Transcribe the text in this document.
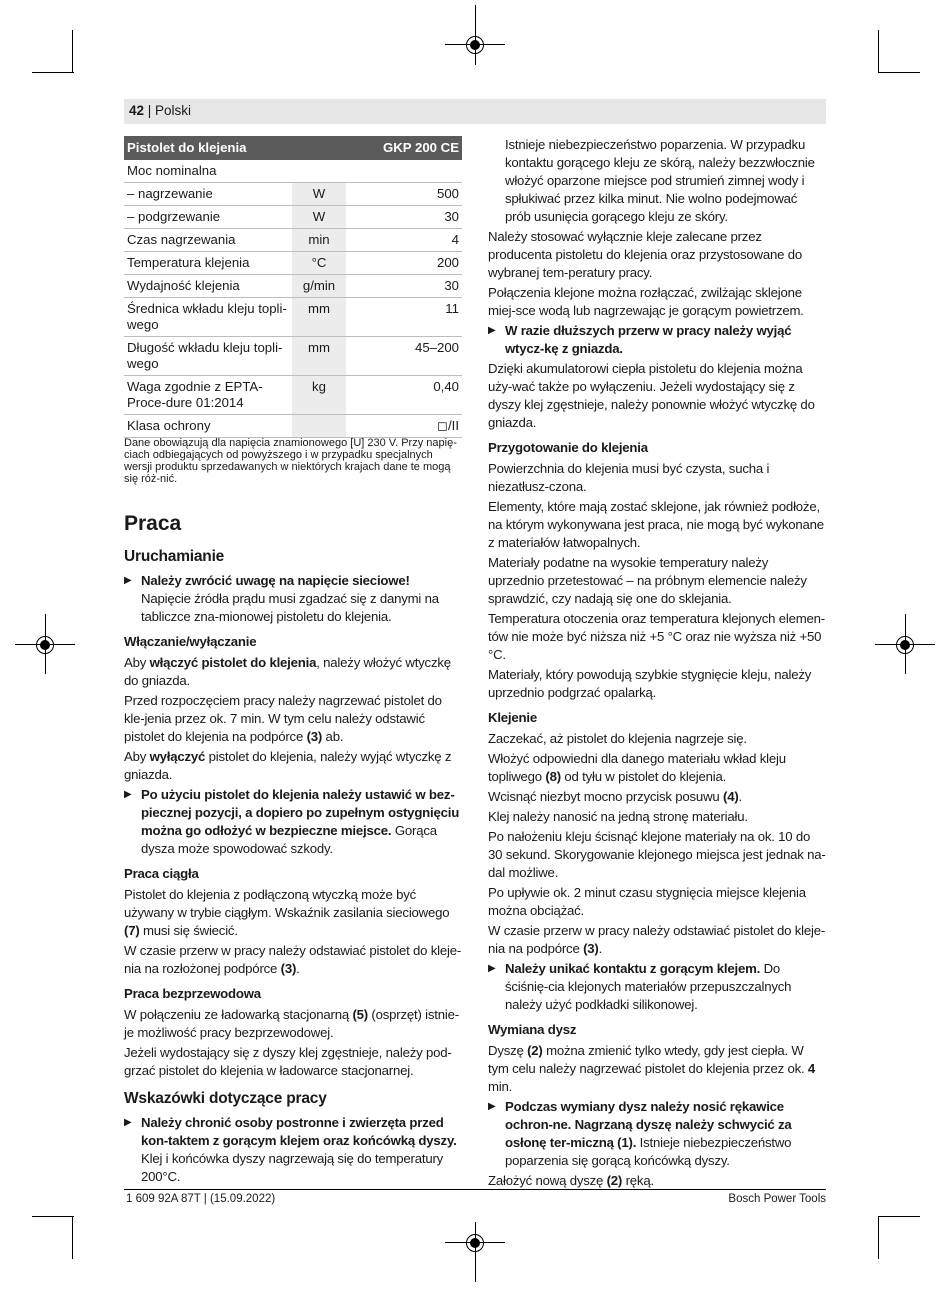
42 | Polski
Pistolet do klejenia	GKP 200 CE	
Moc nominalna		
– nagrzewanie	W	500
– podgrzewanie	W	30
Czas nagrzewania	min	4
Temperatura klejenia	°C	200
Wydajność klejenia	g/min	30
Średnica wkładu kleju topli-wego	mm	11
Długość wkładu kleju topli-wego	mm	45–200
Waga zgodnie z EPTA-Proce-dure 01:2014	kg	0,40
Klasa ochrony		◻/II
Dane obowiązują dla napięcia znamionowego [U] 230 V. Przy napię-ciach odbiegających od powyższego i w przypadku specjalnych wersji produktu sprzedawanych w niektórych krajach dane te mogą się róż-nić.
Praca
Uruchamianie
▶ Należy zwrócić uwagę na napięcie sieciowe! Napięcie źródła prądu musi zgadzać się z danymi na tabliczce zna-mionowej pistoletu do klejenia.
Włączanie/wyłączanie

Aby włączyć pistolet do klejenia, należy włożyć wtyczkę do gniazda.

Przed rozpoczęciem pracy należy nagrzewać pistolet do kle-jenia przez ok. 7 min. W tym celu należy odstawić pistolet do klejenia na podpórce (3) ab.

Aby wyłączyć pistolet do klejenia, należy wyjąć wtyczkę z gniazda.

▶ Po użyciu pistolet do klejenia należy ustawić w bez-piecznej pozycji, a dopiero po zupełnym ostygnięciu można go odłożyć w bezpieczne miejsce. Gorąca dysza może spowodować szkody.
Praca ciągła

Pistolet do klejenia z podłączoną wtyczką może być używany w trybie ciągłym. Wskaźnik zasilania sieciowego (7) musi się świecić.

W czasie przerw w pracy należy odstawiać pistolet do kleje-nia na rozłożonej podpórce (3).

Praca bezprzewodowa

W połączeniu ze ładowarką stacjonarną (5) (osprzęt) istnie-je możliwość pracy bezprzewodowej.

Jeżeli wydostający się z dyszy klej zgęstnieje, należy pod-grzać pistolet do klejenia w ładowarce stacjonarnej.

Wskazówki dotyczące pracy
▶ Należy chronić osoby postronne i zwierzęta przed kon-taktem z gorącym klejem oraz końcówką dyszy. Klej i końcówka dyszy nagrzewają się do temperatury 200°C.

Istnieje niebezpieczeństwo poparzenia. W przypadku kontaktu gorącego kleju ze skórą, należy bezzwłocznie włożyć oparzone miejsce pod strumień zimnej wody i spłukiwać przez kilka minut. Nie wolno podejmować prób usunięcia gorącego kleju ze skóry.

Należy stosować wyłącznie kleje zalecane przez producenta pistoletu do klejenia oraz przystosowane do wybranej tem-peratury pracy.

Połączenia klejone można rozłączać, zwilżając sklejone miej-sce wodą lub nagrzewając je gorącym powietrzem.

▶ W razie dłuższych przerw w pracy należy wyjąć wtycz-kę z gniazda.

Dzięki akumulatorowi ciepła pistoletu do klejenia można uży-wać także po wyłączeniu. Jeżeli wydostający się z dyszy klej zgęstnieje, należy ponownie włożyć wtyczkę do gniazda.

Przygotowanie do klejenia

Powierzchnia do klejenia musi być czysta, sucha i niezatłusz-czona.

Elementy, które mają zostać sklejone, jak również podłoże, na którym wykonywana jest praca, nie mogą być wykonane z materiałów łatwopalnych.

Materiały podatne na wysokie temperatury należy uprzednio przetestować – na próbnym elemencie należy sprawdzić, czy nadają się one do sklejania.

Temperatura otoczenia oraz temperatura klejonych elemen-tów nie może być niższa niż +5 °C oraz nie wyższa niż +50 °C.

Materiały, który powodują szybkie stygnięcie kleju, należy uprzednio podgrzać opalarką.

Klejenie

Zaczekać, aż pistolet do klejenia nagrzeje się.

Włożyć odpowiedni dla danego materiału wkład kleju topliwego (8) od tyłu w pistolet do klejenia.

Wcisnąć niezbyt mocno przycisk posuwu (4).

Klej należy nanosić na jedną stronę materiału.

Po nałożeniu kleju ścisnąć klejone materiały na ok. 10 do 30 sekund. Skorygowanie klejonego miejsca jest jednak na-dal możliwe.

Po upływie ok. 2 minut czasu stygnięcia miejsce klejenia można obciążać.

W czasie przerw w pracy należy odstawiać pistolet do kleje-nia na podpórce (3).

▶ Należy unikać kontaktu z gorącym klejem. Do ściśnię-cia klejonych materiałów przepuszczalnych należy użyć podkładki silikonowej.
Wymiana dysz

Dyszę (2) można zmienić tylko wtedy, gdy jest ciepła. W tym celu należy nagrzewać pistolet do klejenia przez ok. 4 min.

▶ Podczas wymiany dysz należy nosić rękawice ochron-ne. Nagrzaną dyszę należy schwycić za osłonę ter-miczną (1). Istnieje niebezpieczeństwo poparzenia się gorącą końcówką dyszy.

Założyć nową dyszę (2) ręką.

1 609 92A 87T | (15.09.2022)	Bosch Power Tools
